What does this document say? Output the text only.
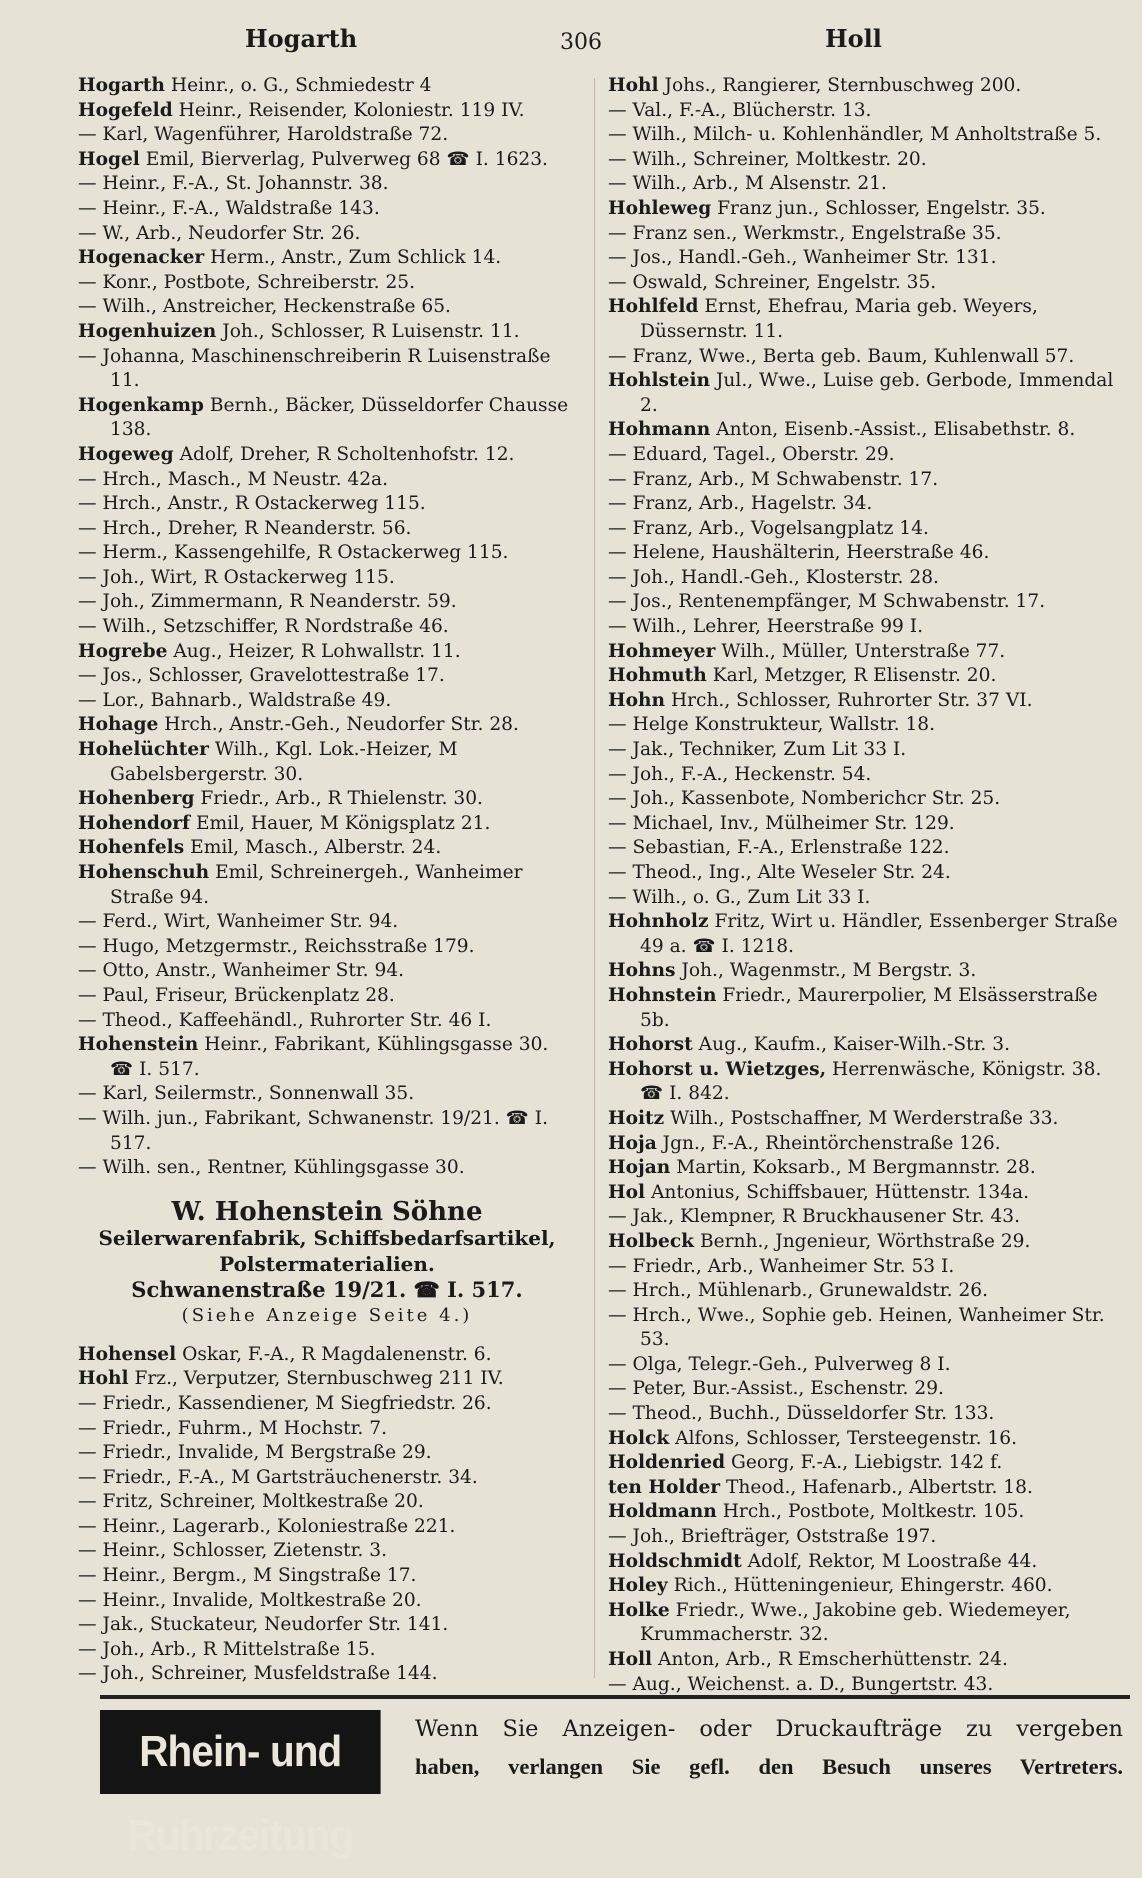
Hogarth	306	Holl
Hogarth Heinr., o. G., Schmiedestr 4
Hogefeld Heinr., Reisender, Koloniestr. 119 IV.
— Karl, Wagenführer, Haroldstraße 72.
Hogel Emil, Bierverlag, Pulverweg 68 ☎ I. 1623.
— Heinr., F.-A., St. Johannstr. 38.
— Heinr., F.-A., Waldstraße 143.
— W., Arb., Neudorfer Str. 26.
Hogenacker Herm., Anstr., Zum Schlick 14.
— Konr., Postbote, Schreiberstr. 25.
— Wilh., Anstreicher, Heckenstraße 65.
Hogenhuizen Joh., Schlosser, R Luisenstr. 11.
— Johanna, Maschinenschreiberin R Luisenstraße 11.
Hogenkamp Bernh., Bäcker, Düsseldorfer Chausse 138.
Hogeweg Adolf, Dreher, R Scholtenhofstr. 12.
— Hrch., Masch., M Neustr. 42a.
— Hrch., Anstr., R Ostackerweg 115.
— Hrch., Dreher, R Neanderstr. 56.
— Herm., Kassengehilfe, R Ostackerweg 115.
— Joh., Wirt, R Ostackerweg 115.
— Joh., Zimmermann, R Neanderstr. 59.
— Wilh., Setzschiffer, R Nordstraße 46.
Hogrebe Aug., Heizer, R Lohwallstr. 11.
— Jos., Schlosser, Gravelottestraße 17.
— Lor., Bahnarb., Waldstraße 49.
Hohage Hrch., Anstr.-Geh., Neudorfer Str. 28.
Hohelüchter Wilh., Kgl. Lok.-Heizer, M Gabelsbergerstr. 30.
Hohenberg Friedr., Arb., R Thielenstr. 30.
Hohendorf Emil, Hauer, M Königsplatz 21.
Hohenfels Emil, Masch., Alberstr. 24.
Hohenschuh Emil, Schreinergeh., Wanheimer Straße 94.
— Ferd., Wirt, Wanheimer Str. 94.
— Hugo, Metzgermstr., Reichsstraße 179.
— Otto, Anstr., Wanheimer Str. 94.
— Paul, Friseur, Brückenplatz 28.
— Theod., Kaffeehändl., Ruhrorter Str. 46 I.
Hohenstein Heinr., Fabrikant, Kühlingsgasse 30. ☎ I. 517.
— Karl, Seilermstr., Sonnenwall 35.
— Wilh. jun., Fabrikant, Schwanenstr. 19/21. ☎ I. 517.
— Wilh. sen., Rentner, Kühlingsgasse 30.
W. Hohenstein Söhne
Seilerwarenfabrik, Schiffsbedarfsartikel,
Polstermaterialien.
Schwanenstraße 19/21. ☎ I. 517.
(Siehe Anzeige Seite 4.)
Hohensel Oskar, F.-A., R Magdalenenstr. 6.
Hohl Frz., Verputzer, Sternbuschweg 211 IV.
— Friedr., Kassendiener, M Siegfriedstr. 26.
— Friedr., Fuhrm., M Hochstr. 7.
— Friedr., Invalide, M Bergstraße 29.
— Friedr., F.-A., M Gartsträuchenerstr. 34.
— Fritz, Schreiner, Moltkestraße 20.
— Heinr., Lagerarb., Koloniestraße 221.
— Heinr., Schlosser, Zietenstr. 3.
— Heinr., Bergm., M Singstraße 17.
— Heinr., Invalide, Moltkestraße 20.
— Jak., Stuckateur, Neudorfer Str. 141.
— Joh., Arb., R Mittelstraße 15.
— Joh., Schreiner, Musfeldstraße 144.
Hohl Johs., Rangierer, Sternbuschweg 200.
— Val., F.-A., Blücherstr. 13.
— Wilh., Milch- u. Kohlenhändler, M Anholtstraße 5.
— Wilh., Schreiner, Moltkestr. 20.
— Wilh., Arb., M Alsenstr. 21.
Hohleweg Franz jun., Schlosser, Engelstr. 35.
— Franz sen., Werkmstr., Engelstraße 35.
— Jos., Handl.-Geh., Wanheimer Str. 131.
— Oswald, Schreiner, Engelstr. 35.
Hohlfeld Ernst, Ehefrau, Maria geb. Weyers, Düssernstr. 11.
— Franz, Wwe., Berta geb. Baum, Kuhlenwall 57.
Hohlstein Jul., Wwe., Luise geb. Gerbode, Immendal 2.
Hohmann Anton, Eisenb.-Assist., Elisabethstr. 8.
— Eduard, Tagel., Oberstr. 29.
— Franz, Arb., M Schwabenstr. 17.
— Franz, Arb., Hagelstr. 34.
— Franz, Arb., Vogelsangplatz 14.
— Helene, Haushälterin, Heerstraße 46.
— Joh., Handl.-Geh., Klosterstr. 28.
— Jos., Rentenempfänger, M Schwabenstr. 17.
— Wilh., Lehrer, Heerstraße 99 I.
Hohmeyer Wilh., Müller, Unterstraße 77.
Hohmuth Karl, Metzger, R Elisenstr. 20.
Hohn Hrch., Schlosser, Ruhrorter Str. 37 VI.
— Helge Konstrukteur, Wallstr. 18.
— Jak., Techniker, Zum Lit 33 I.
— Joh., F.-A., Heckenstr. 54.
— Joh., Kassenbote, Nomberichcr Str. 25.
— Michael, Inv., Mülheimer Str. 129.
— Sebastian, F.-A., Erlenstraße 122.
— Theod., Ing., Alte Weseler Str. 24.
— Wilh., o. G., Zum Lit 33 I.
Hohnholz Fritz, Wirt u. Händler, Essenberger Straße 49 a. ☎ I. 1218.
Hohns Joh., Wagenmstr., M Bergstr. 3.
Hohnstein Friedr., Maurerpolier, M Elsässerstraße 5b.
Hohorst Aug., Kaufm., Kaiser-Wilh.-Str. 3.
Hohorst u. Wietzges, Herrenwäsche, Königstr. 38. ☎ I. 842.
Hoitz Wilh., Postschaffner, M Werderstraße 33.
Hoja Jgn., F.-A., Rheintörchenstraße 126.
Hojan Martin, Koksarb., M Bergmannstr. 28.
Hol Antonius, Schiffsbauer, Hüttenstr. 134a.
— Jak., Klempner, R Bruckhausener Str. 43.
Holbeck Bernh., Jngenieur, Wörthstraße 29.
— Friedr., Arb., Wanheimer Str. 53 I.
— Hrch., Mühlenarb., Grunewaldstr. 26.
— Hrch., Wwe., Sophie geb. Heinen, Wanheimer Str. 53.
— Olga, Telegr.-Geh., Pulverweg 8 I.
— Peter, Bur.-Assist., Eschenstr. 29.
— Theod., Buchh., Düsseldorfer Str. 133.
Holck Alfons, Schlosser, Tersteegenstr. 16.
Holdenried Georg, F.-A., Liebigstr. 142 f.
ten Holder Theod., Hafenarb., Albertstr. 18.
Holdmann Hrch., Postbote, Moltkestr. 105.
— Joh., Briefträger, Oststraße 197.
Holdschmidt Adolf, Rektor, M Loostraße 44.
Holey Rich., Hütteningenieur, Ehingerstr. 460.
Holke Friedr., Wwe., Jakobine geb. Wiedemeyer, Krummacherstr. 32.
Holl Anton, Arb., R Emscherhüttenstr. 24.
— Aug., Weichenst. a. D., Bungertstr. 43.
Rhein- und Ruhrzeitung
Wenn Sie Anzeigen- oder Druckaufträge zu vergeben
haben, verlangen Sie gefl. den Besuch unseres Vertreters.
